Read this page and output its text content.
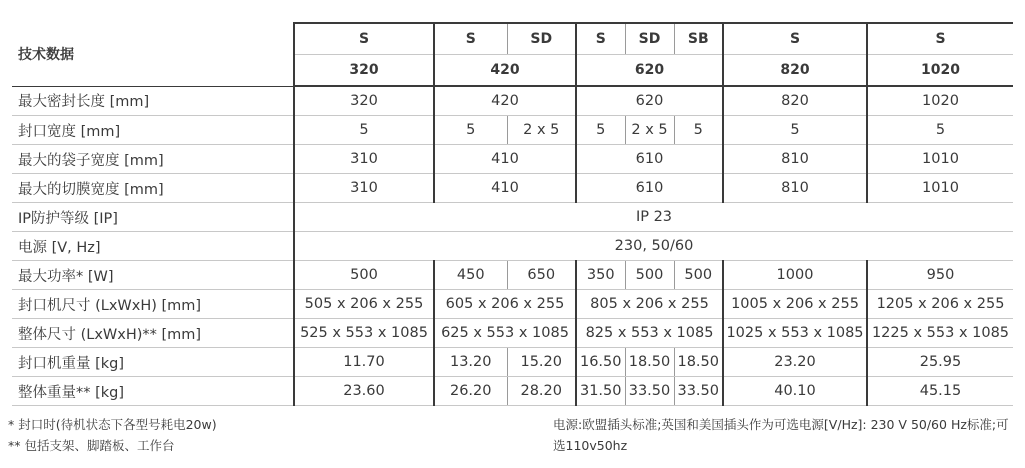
技术数据	S	S	SD	S	SD	SB	S	S
	320	420		620			820	1020
最大密封长度 [mm]	320	420		620			820	1020
封口宽度 [mm]	5	5	2 x 5	5	2 x 5	5	5	5
最大的袋子宽度 [mm]	310	410		610			810	1010
最大的切膜宽度 [mm]	310	410		610			810	1010
IP防护等级 [IP]	IP 23							
电源 [V, Hz]	230, 50/60							
最大功率* [W]	500	450	650	350	500	500	1000	950
封口机尺寸 (LxWxH) [mm]	505 x 206 x 255	605 x 206 x 255		805 x 206 x 255			1005 x 206 x 255	1205 x 206 x 255
整体尺寸 (LxWxH)** [mm]	525 x 553 x 1085	625 x 553 x 1085		825 x 553 x 1085			1025 x 553 x 1085	1225 x 553 x 1085
封口机重量 [kg]	11.70	13.20	15.20	16.50	18.50	18.50	23.20	25.95
整体重量** [kg]	23.60	26.20	28.20	31.50	33.50	33.50	40.10	45.15
* 封口时(待机状态下各型号耗电20w)
** 包括支架、脚踏板、工作台
电源:欧盟插头标准;英国和美国插头作为可选电源[V/Hz]: 230 V 50/60 Hz标准;可选110v50hz
